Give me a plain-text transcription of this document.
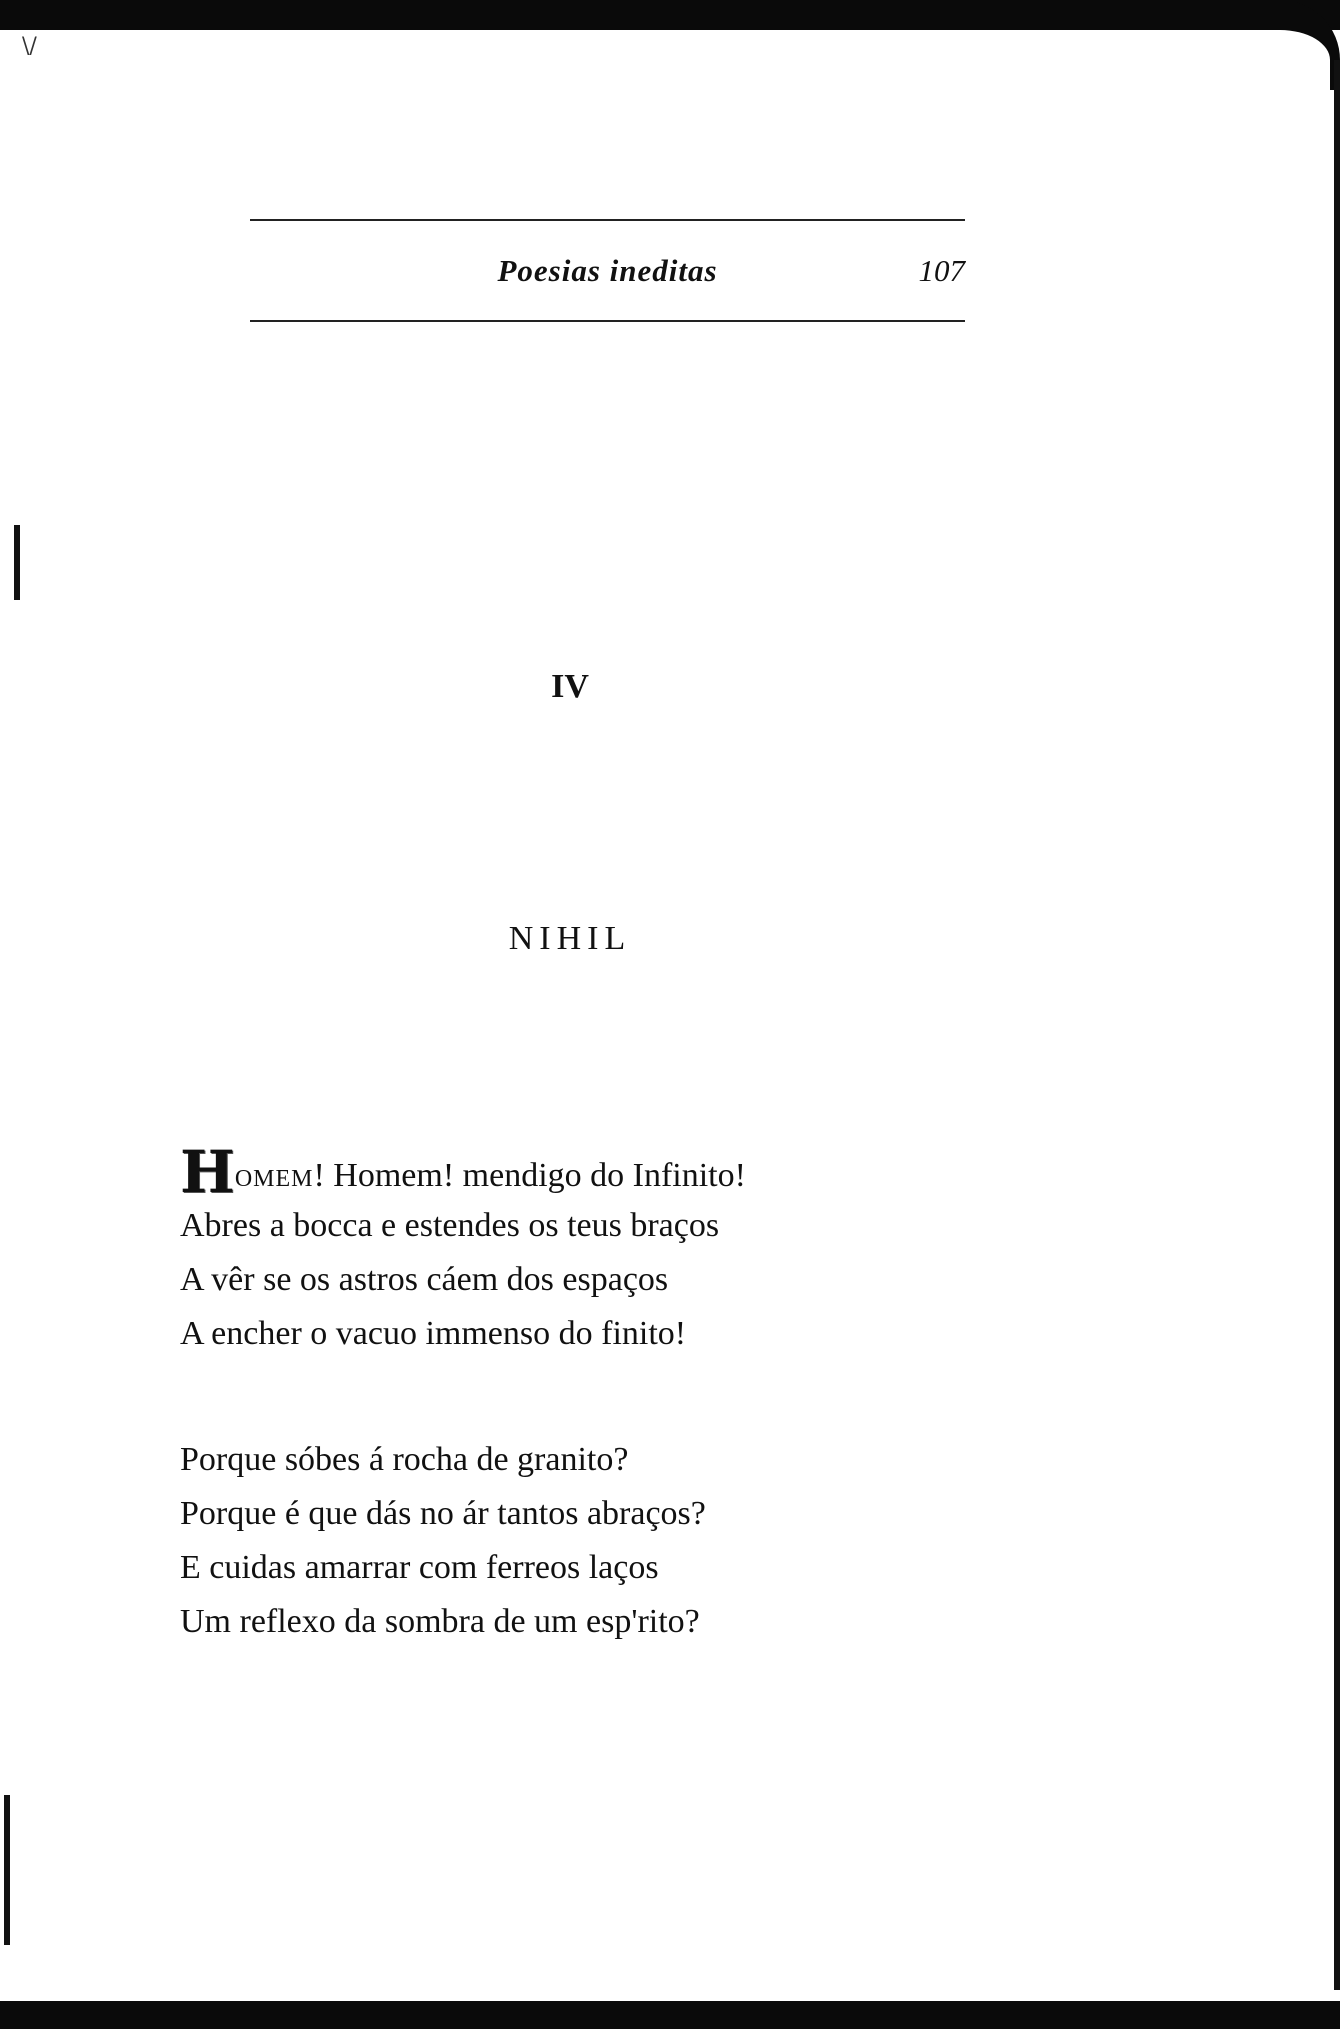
\/
Poesias ineditas	107
IV
NIHIL
HOMEM! Homem! mendigo do Infinito!
Abres a bocca e estendes os teus braços
A vêr se os astros cáem dos espaços
A encher o vacuo immenso do finito!
Porque sóbes á rocha de granito?
Porque é que dás no ár tantos abraços?
E cuidas amarrar com ferreos laços
Um reflexo da sombra de um esp'rito?
